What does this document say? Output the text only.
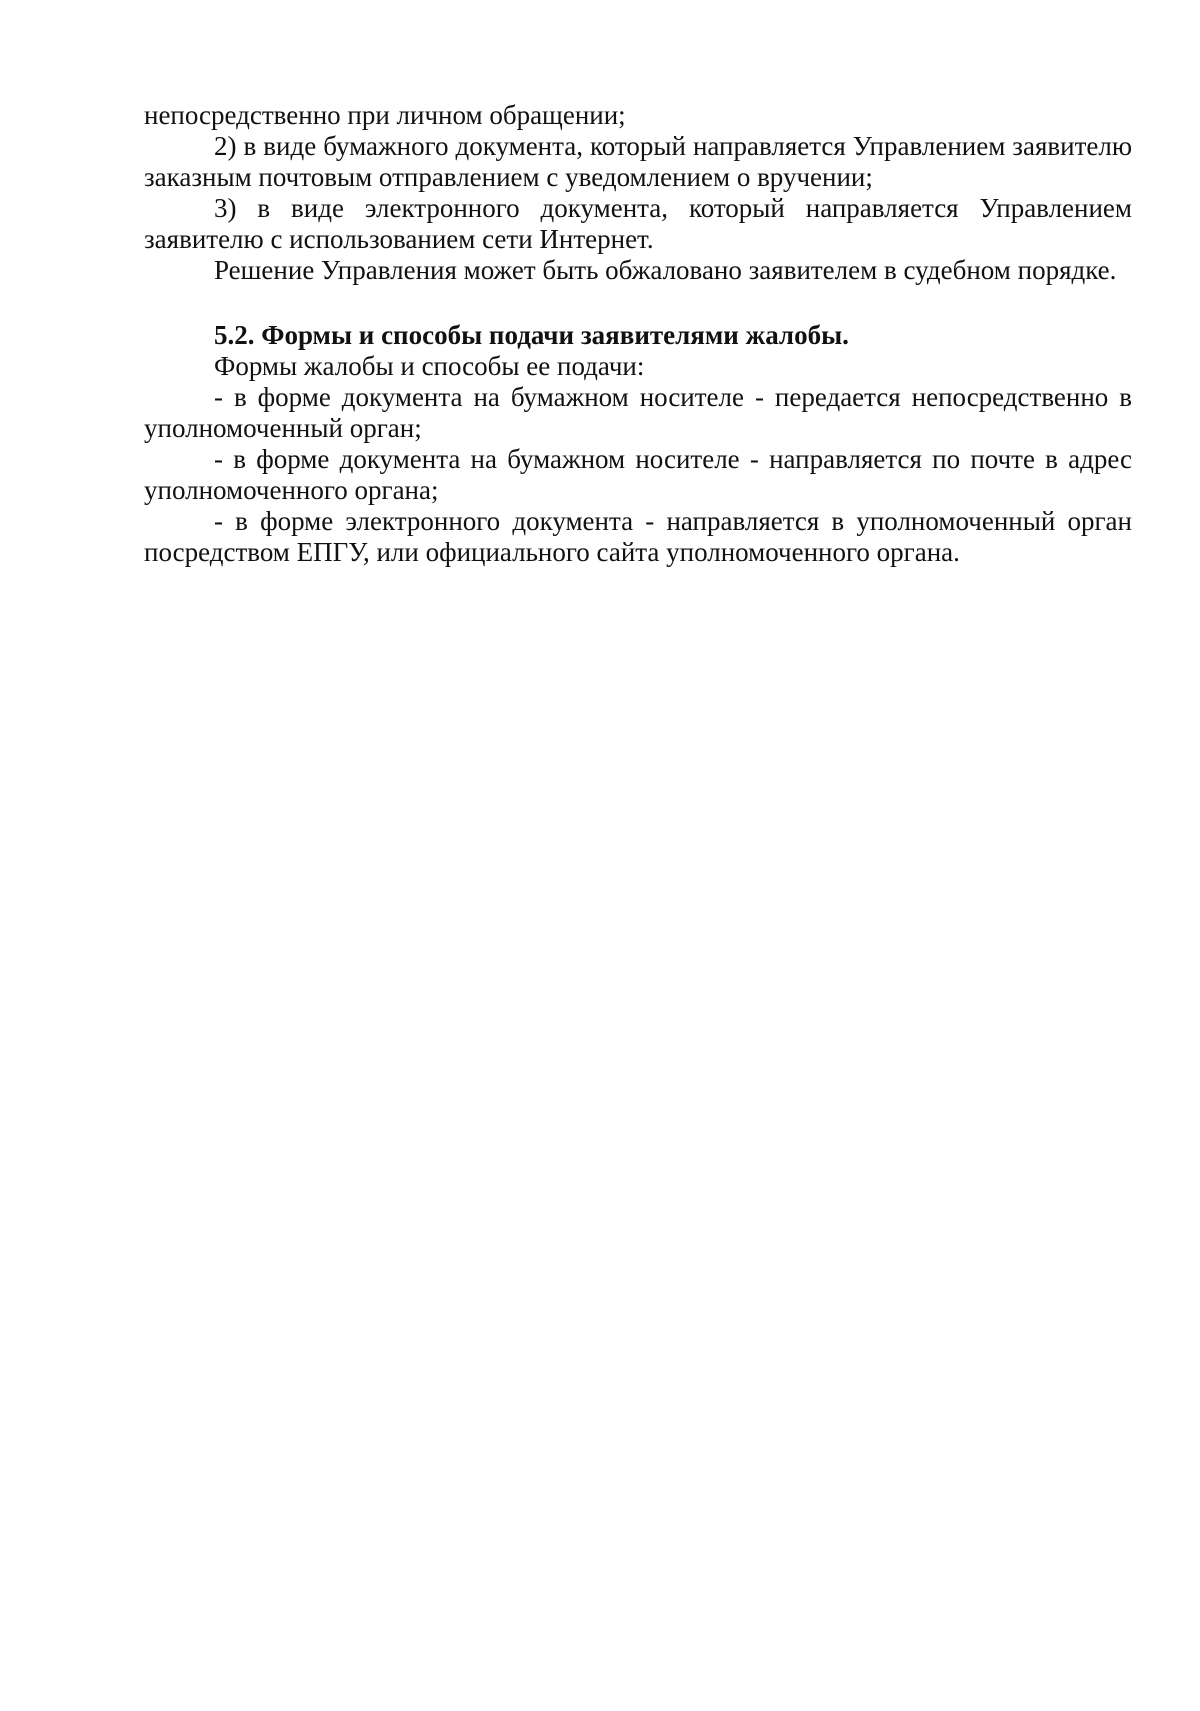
непосредственно при личном обращении;

2) в виде бумажного документа, который направляется Управлением заявителю заказным почтовым отправлением с уведомлением о вручении;

3) в виде электронного документа, который направляется Управлением заявителю с использованием сети Интернет.

Решение Управления может быть обжаловано заявителем в судебном порядке.

5.2. Формы и способы подачи заявителями жалобы.

Формы жалобы и способы ее подачи:

- в форме документа на бумажном носителе - передается непосредственно в уполномоченный орган;

- в форме документа на бумажном носителе - направляется по почте в адрес уполномоченного органа;

- в форме электронного документа - направляется в уполномоченный орган посредством ЕПГУ, или официального сайта уполномоченного органа.
